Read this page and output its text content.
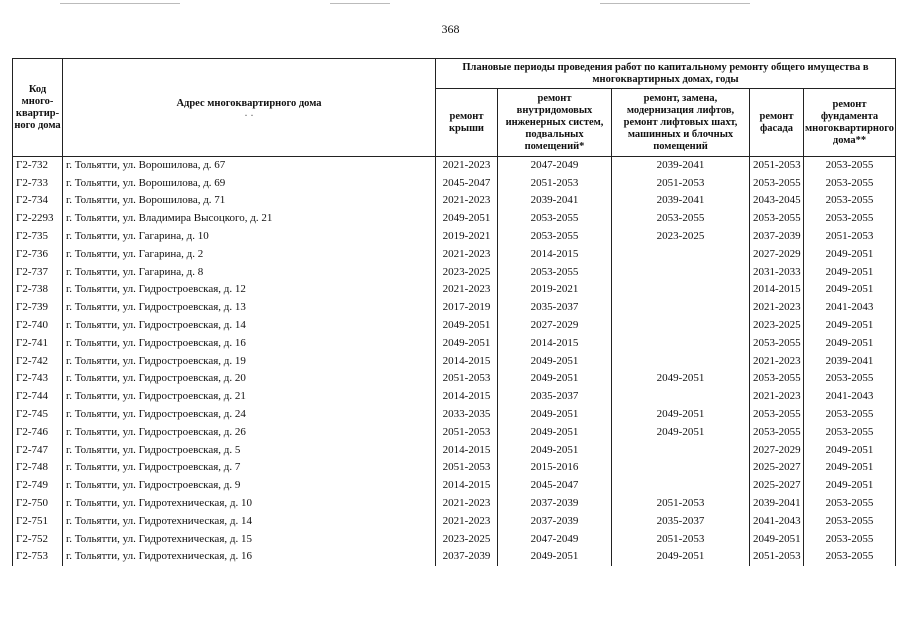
368
Код много-квартир-ного дома	Адрес многоквартирного дома
.  .	Плановые периоды проведения работ по капитальному ремонту общего имущества в многоквартирных домах, годы				
		ремонт крыши	ремонт внутридомовых инженерных систем, подвальных помещений*	ремонт, замена, модернизация лифтов, ремонт лифтовых шахт, машинных и блочных помещений	ремонт фасада	ремонт фундамента многоквартирного дома**
Г2-732	г. Тольятти, ул. Ворошилова, д. 67	2021-2023	2047-2049	2039-2041	2051-2053	2053-2055
Г2-733	г. Тольятти, ул. Ворошилова, д. 69	2045-2047	2051-2053	2051-2053	2053-2055	2053-2055
Г2-734	г. Тольятти, ул. Ворошилова, д. 71	2021-2023	2039-2041	2039-2041	2043-2045	2053-2055
Г2-2293	г. Тольятти, ул. Владимира Высоцкого, д. 21	2049-2051	2053-2055	2053-2055	2053-2055	2053-2055
Г2-735	г. Тольятти, ул. Гагарина, д. 10	2019-2021	2053-2055	2023-2025	2037-2039	2051-2053
Г2-736	г. Тольятти, ул. Гагарина, д. 2	2021-2023	2014-2015		2027-2029	2049-2051
Г2-737	г. Тольятти, ул. Гагарина, д. 8	2023-2025	2053-2055		2031-2033	2049-2051
Г2-738	г. Тольятти, ул. Гидростроевская, д. 12	2021-2023	2019-2021		2014-2015	2049-2051
Г2-739	г. Тольятти, ул. Гидростроевская, д. 13	2017-2019	2035-2037		2021-2023	2041-2043
Г2-740	г. Тольятти, ул. Гидростроевская, д. 14	2049-2051	2027-2029		2023-2025	2049-2051
Г2-741	г. Тольятти, ул. Гидростроевская, д. 16	2049-2051	2014-2015		2053-2055	2049-2051
Г2-742	г. Тольятти, ул. Гидростроевская, д. 19	2014-2015	2049-2051		2021-2023	2039-2041
Г2-743	г. Тольятти, ул. Гидростроевская, д. 20	2051-2053	2049-2051	2049-2051	2053-2055	2053-2055
Г2-744	г. Тольятти, ул. Гидростроевская, д. 21	2014-2015	2035-2037		2021-2023	2041-2043
Г2-745	г. Тольятти, ул. Гидростроевская, д. 24	2033-2035	2049-2051	2049-2051	2053-2055	2053-2055
Г2-746	г. Тольятти, ул. Гидростроевская, д. 26	2051-2053	2049-2051	2049-2051	2053-2055	2053-2055
Г2-747	г. Тольятти, ул. Гидростроевская, д. 5	2014-2015	2049-2051		2027-2029	2049-2051
Г2-748	г. Тольятти, ул. Гидростроевская, д. 7	2051-2053	2015-2016		2025-2027	2049-2051
Г2-749	г. Тольятти, ул. Гидростроевская, д. 9	2014-2015	2045-2047		2025-2027	2049-2051
Г2-750	г. Тольятти, ул. Гидротехническая, д. 10	2021-2023	2037-2039	2051-2053	2039-2041	2053-2055
Г2-751	г. Тольятти, ул. Гидротехническая, д. 14	2021-2023	2037-2039	2035-2037	2041-2043	2053-2055
Г2-752	г. Тольятти, ул. Гидротехническая, д. 15	2023-2025	2047-2049	2051-2053	2049-2051	2053-2055
Г2-753	г. Тольятти, ул. Гидротехническая, д. 16	2037-2039	2049-2051	2049-2051	2051-2053	2053-2055
